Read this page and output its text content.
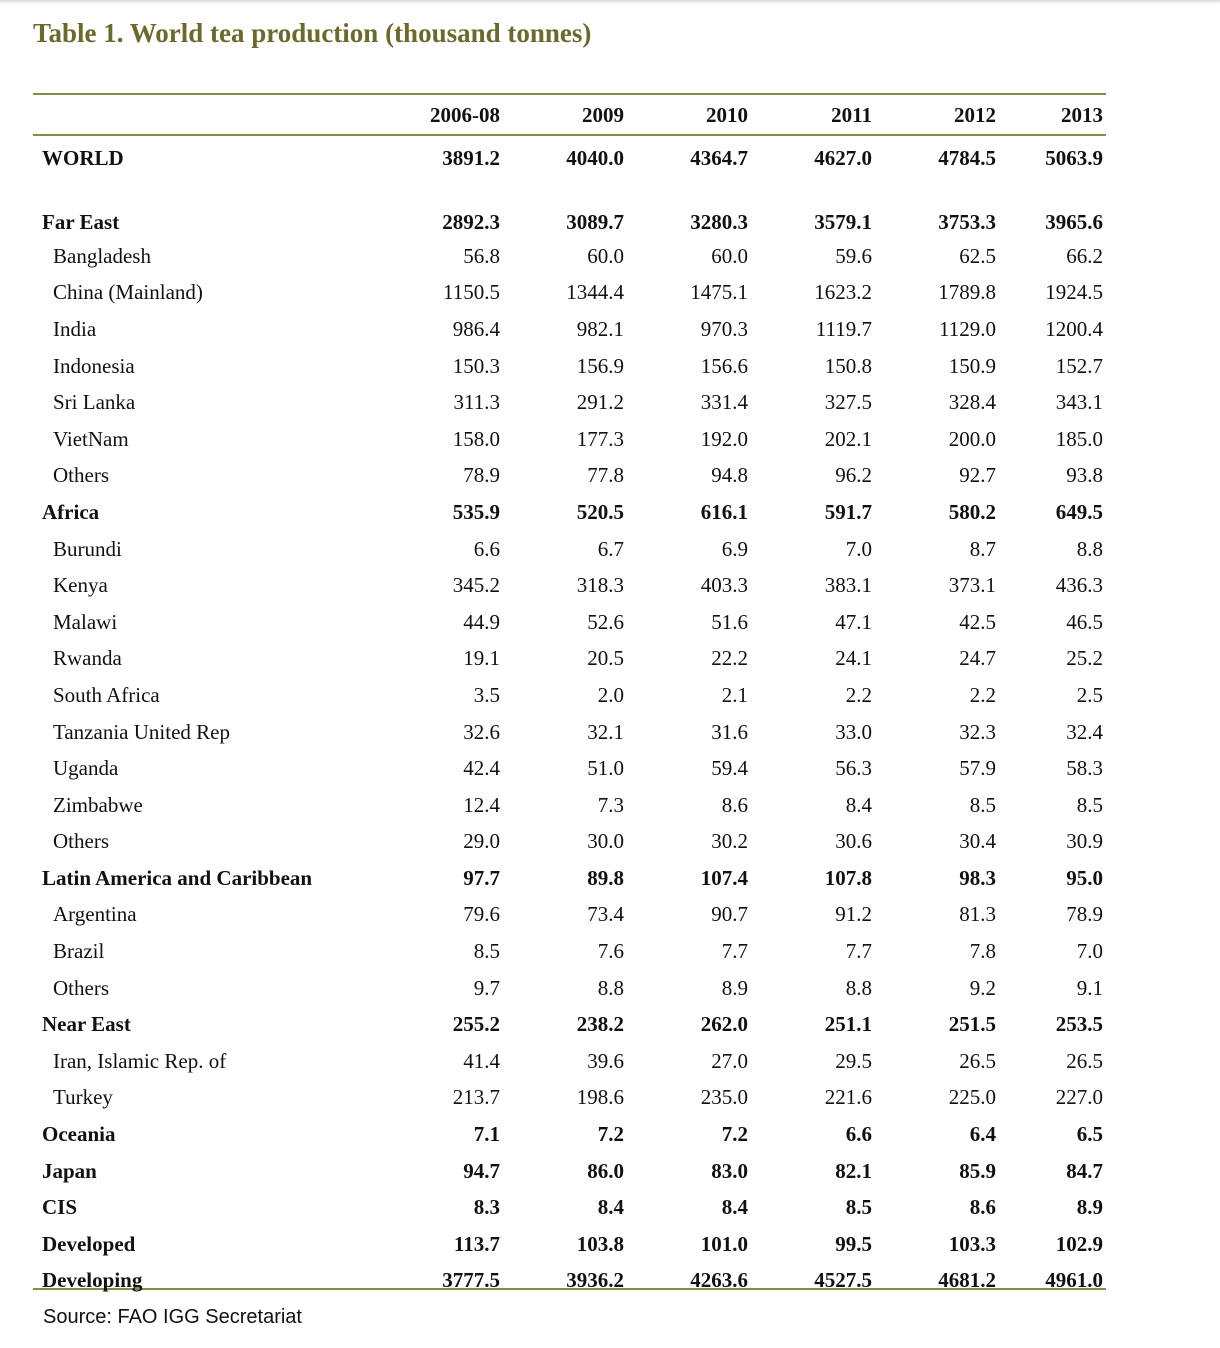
Table 1. World tea production (thousand tonnes)
	2006-08	2009	2010	2011	2012	2013
WORLD	3891.2	4040.0	4364.7	4627.0	4784.5	5063.9
Far East	2892.3	3089.7	3280.3	3579.1	3753.3	3965.6
Bangladesh	56.8	60.0	60.0	59.6	62.5	66.2
China (Mainland)	1150.5	1344.4	1475.1	1623.2	1789.8	1924.5
India	986.4	982.1	970.3	1119.7	1129.0	1200.4
Indonesia	150.3	156.9	156.6	150.8	150.9	152.7
Sri Lanka	311.3	291.2	331.4	327.5	328.4	343.1
VietNam	158.0	177.3	192.0	202.1	200.0	185.0
Others	78.9	77.8	94.8	96.2	92.7	93.8
Africa	535.9	520.5	616.1	591.7	580.2	649.5
Burundi	6.6	6.7	6.9	7.0	8.7	8.8
Kenya	345.2	318.3	403.3	383.1	373.1	436.3
Malawi	44.9	52.6	51.6	47.1	42.5	46.5
Rwanda	19.1	20.5	22.2	24.1	24.7	25.2
South Africa	3.5	2.0	2.1	2.2	2.2	2.5
Tanzania United Rep	32.6	32.1	31.6	33.0	32.3	32.4
Uganda	42.4	51.0	59.4	56.3	57.9	58.3
Zimbabwe	12.4	7.3	8.6	8.4	8.5	8.5
Others	29.0	30.0	30.2	30.6	30.4	30.9
Latin America and Caribbean	97.7	89.8	107.4	107.8	98.3	95.0
Argentina	79.6	73.4	90.7	91.2	81.3	78.9
Brazil	8.5	7.6	7.7	7.7	7.8	7.0
Others	9.7	8.8	8.9	8.8	9.2	9.1
Near East	255.2	238.2	262.0	251.1	251.5	253.5
Iran, Islamic Rep. of	41.4	39.6	27.0	29.5	26.5	26.5
Turkey	213.7	198.6	235.0	221.6	225.0	227.0
Oceania	7.1	7.2	7.2	6.6	6.4	6.5
Japan	94.7	86.0	83.0	82.1	85.9	84.7
CIS	8.3	8.4	8.4	8.5	8.6	8.9
Developed	113.7	103.8	101.0	99.5	103.3	102.9
Developing	3777.5	3936.2	4263.6	4527.5	4681.2	4961.0
Source: FAO IGG Secretariat
